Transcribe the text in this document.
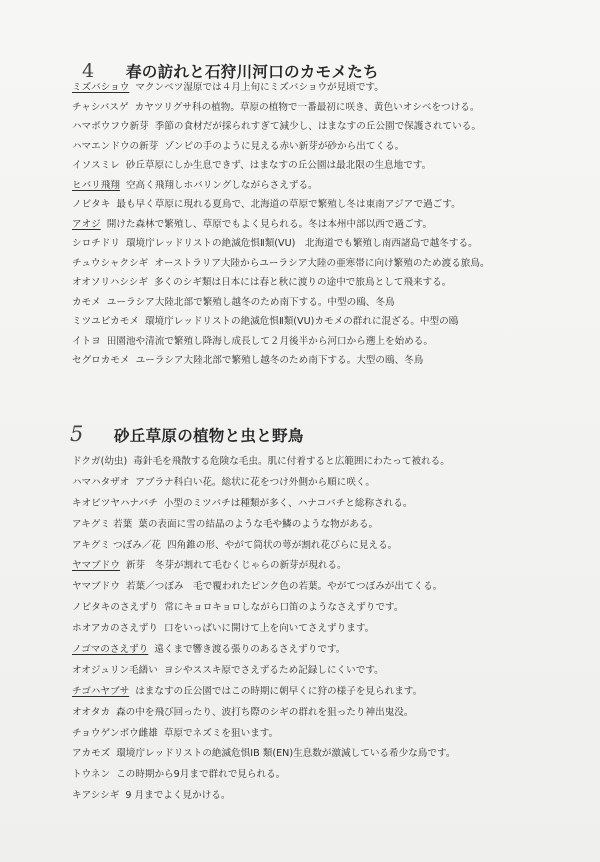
4	春の訪れと石狩川河口のカモメたち
ミズバショウ マクンベツ湿原では４月上旬にミズバショウが見頃です。
チャシバスゲ カヤツリグサ科の植物。草原の植物で一番最初に咲き、黄色いオシベをつける。
ハマボウフウ新芽 季節の食材だが採られすぎて減少し、はまなすの丘公園で保護されている。
ハマエンドウの新芽 ゾンビの手のように見える赤い新芽が砂から出てくる。
イソスミレ 砂丘草原にしか生息できず、はまなすの丘公園は最北限の生息地です。
ヒバリ飛翔 空高く飛翔しホバリングしながらさえずる。
ノビタキ 最も早く草原に現れる夏鳥で、北海道の草原で繁殖し冬は東南アジアで過ごす。
アオジ 開けた森林で繁殖し、草原でもよく見られる。冬は本州中部以西で過ごす。
シロチドリ 環境庁レッドリストの絶滅危惧Ⅱ類(VU)　北海道でも繁殖し南西諸島で越冬する。
チュウシャクシギ オーストラリア大陸からユーラシア大陸の亜寒帯に向け繁殖のため渡る旅鳥。
オオソリハシシギ 多くのシギ類は日本には春と秋に渡りの途中で旅鳥として飛来する。
カモメ ユーラシア大陸北部で繁殖し越冬のため南下する。中型の鴎、冬鳥
ミツユビカモメ 環境庁レッドリストの絶滅危惧Ⅱ類(VU)カモメの群れに混ざる。中型の鴎
イトヨ 田園池や清流で繁殖し降海し成長して２月後半から河口から遡上を始める。
セグロカモメ ユーラシア大陸北部で繁殖し越冬のため南下する。大型の鴎、冬鳥
5	砂丘草原の植物と虫と野鳥
ドクガ(幼虫) 毒針毛を飛散する危険な毛虫。肌に付着すると広範囲にわたって被れる。
ハマハタザオ アブラナ科白い花。総状に花をつけ外側から順に咲く。
キオビツヤハナバチ 小型のミツバチは種類が多く、ハナコバチと総称される。
アキグミ 若葉 葉の表面に雪の結晶のような毛や鱗のような物がある。
アキグミ つぼみ／花 四角錐の形、やがて筒状の萼が割れ花びらに見える。
ヤマブドウ 新芽　冬芽が割れて毛むくじゃらの新芽が現れる。
ヤマブドウ 若葉／つぼみ　毛で覆われたピンク色の若葉。やがてつぼみが出てくる。
ノビタキのさえずり 常にキョロキョロしながら口笛のようなさえずりです。
ホオアカのさえずり 口をいっぱいに開けて上を向いてさえずります。
ノゴマのさえずり 遠くまで響き渡る張りのあるさえずりです。
オオジュリン毛繕い ヨシやススキ原でさえずるため記録しにくいです。
チゴハヤブサ はまなすの丘公園ではこの時期に朝早くに狩の様子を見られます。
オオタカ 森の中を飛び回ったり、波打ち際のシギの群れを狙ったり神出鬼没。
チョウゲンボウ雌雄 草原でネズミを狙います。
アカモズ 環境庁レッドリストの絶滅危惧ⅠB 類(EN)生息数が激減している希少な鳥です。
トウネン この時期から9月まで群れで見られる。
キアシシギ 9 月までよく見かける。
